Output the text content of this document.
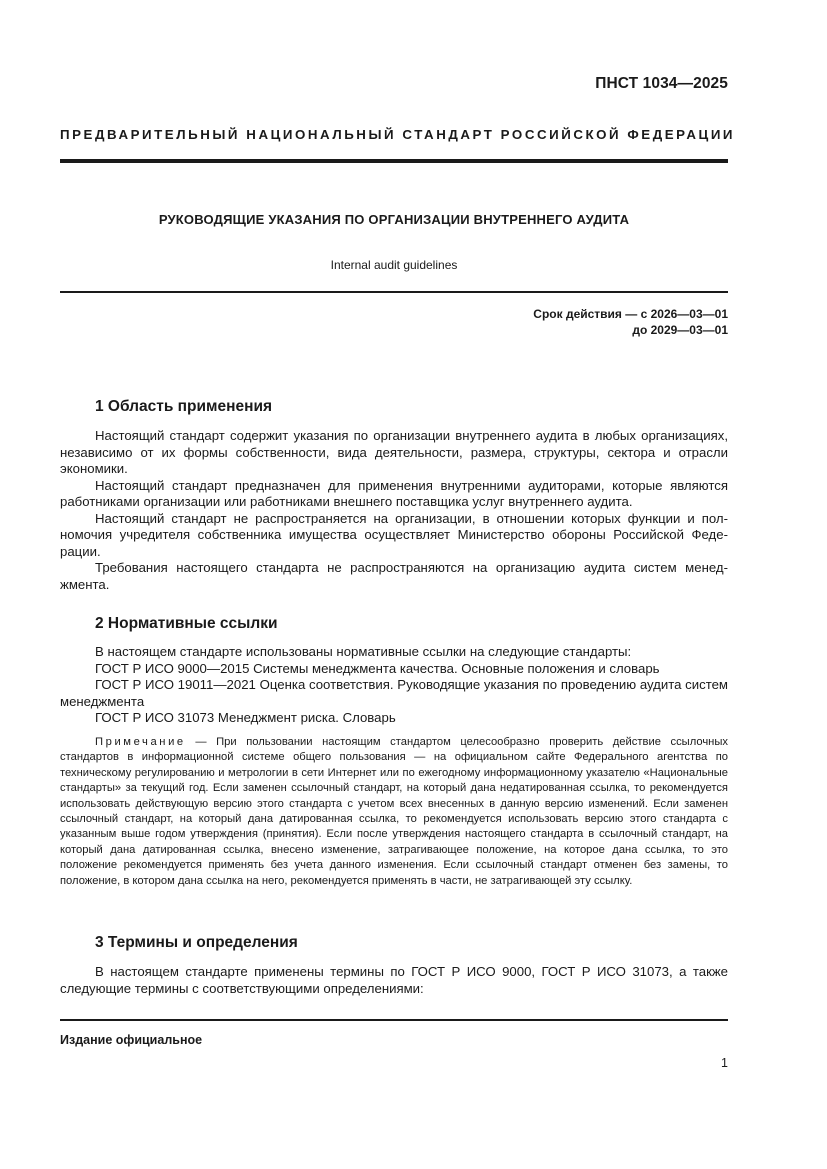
ПНСТ 1034—2025
ПРЕДВАРИТЕЛЬНЫЙ НАЦИОНАЛЬНЫЙ СТАНДАРТ РОССИЙСКОЙ ФЕДЕРАЦИИ
РУКОВОДЯЩИЕ УКАЗАНИЯ ПО ОРГАНИЗАЦИИ ВНУТРЕННЕГО АУДИТА
Internal audit guidelines
Срок действия — с 2026—03—01
до 2029—03—01
1 Область применения

Настоящий стандарт содержит указания по организации внутреннего аудита в любых организациях, независимо от их формы собственности, вида деятельности, размера, структуры, сектора и отрасли экономики.

Настоящий стандарт предназначен для применения внутренними аудиторами, которые являются работниками организации или работниками внешнего поставщика услуг внутреннего аудита.

Настоящий стандарт не распространяется на организации, в отношении которых функции и полномочия учредителя собственника имущества осуществляет Министерство обороны Российской Федерации.

Требования настоящего стандарта не распространяются на организацию аудита систем менеджмента.

2 Нормативные ссылки

В настоящем стандарте использованы нормативные ссылки на следующие стандарты:

ГОСТ Р ИСО 9000—2015 Системы менеджмента качества. Основные положения и словарь

ГОСТ Р ИСО 19011—2021 Оценка соответствия. Руководящие указания по проведению аудита систем менеджмента

ГОСТ Р ИСО 31073 Менеджмент риска. Словарь

Примечание — При пользовании настоящим стандартом целесообразно проверить действие ссылочных стандартов в информационной системе общего пользования — на официальном сайте Федерального агентства по техническому регулированию и метрологии в сети Интернет или по ежегодному информационному указателю «Национальные стандарты» за текущий год. Если заменен ссылочный стандарт, на который дана недатированная ссылка, то рекомендуется использовать действующую версию этого стандарта с учетом всех внесенных в данную версию изменений. Если заменен ссылочный стандарт, на который дана датированная ссылка, то рекомендуется использовать версию этого стандарта с указанным выше годом утверждения (принятия). Если после утверждения настоящего стандарта в ссылочный стандарт, на который дана датированная ссылка, внесено изменение, затрагивающее положение, на которое дана ссылка, то это положение рекомендуется применять без учета данного изменения. Если ссылочный стандарт отменен без замены, то положение, в котором дана ссылка на него, рекомендуется применять в части, не затрагивающей эту ссылку.

3 Термины и определения

В настоящем стандарте применены термины по ГОСТ Р ИСО 9000, ГОСТ Р ИСО 31073, а также следующие термины с соответствующими определениями:

Издание официальное
1
